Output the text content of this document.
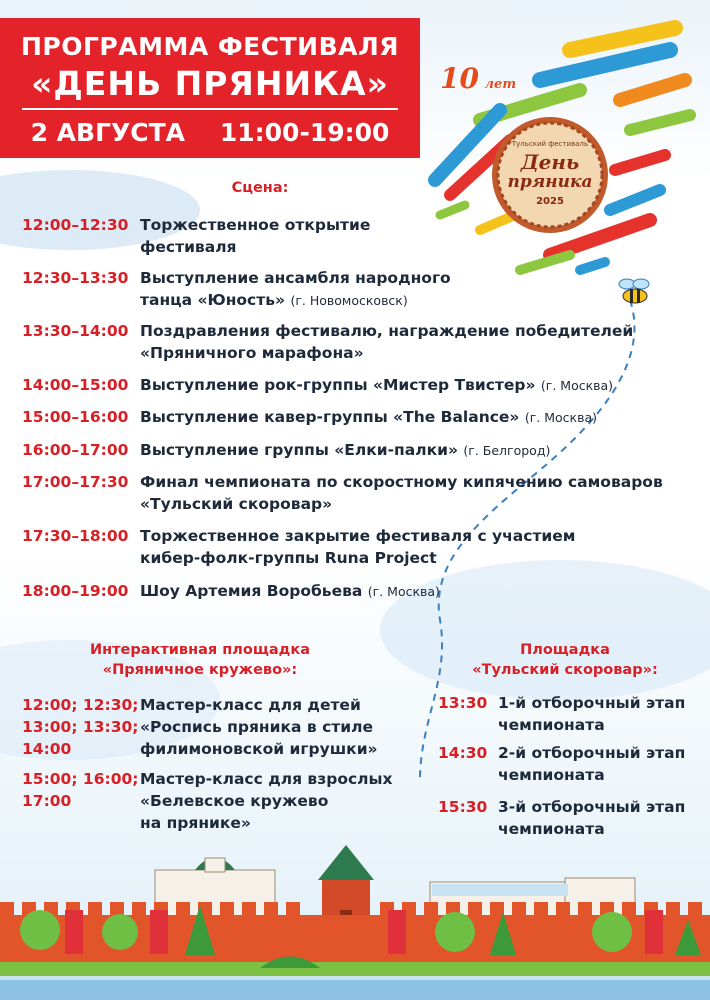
ПРОГРАММА ФЕСТИВАЛЯ
«ДЕНЬ ПРЯНИКА»
2 АВГУСТА 11:00-19:00
10 лет
Тульский фестиваль
День
пряника
2025
Сцена:
12:00–12:30 Торжественное открытие
фестиваля
12:30–13:30 Выступление ансамбля народного
танца «Юность» (г. Новомосковск)
13:30–14:00 Поздравления фестивалю, награждение победителей
«Пряничного марафона»
14:00–15:00 Выступление рок-группы «Мистер Твистер» (г. Москва)
15:00–16:00 Выступление кавер-группы «The Balance» (г. Москва)
16:00–17:00 Выступление группы «Елки-палки» (г. Белгород)
17:00–17:30 Финал чемпионата по скоростному кипячению самоваров
«Тульский скоровар»
17:30–18:00 Торжественное закрытие фестиваля с участием
кибер-фолк-группы Runa Project
18:00–19:00 Шоу Артемия Воробьева (г. Москва)
Интерактивная площадка
«Пряничное кружево»:
12:00; 12:30;
13:00; 13:30;
14:00
Мастер-класс для детей
«Роспись пряника в стиле
филимоновской игрушки»
15:00; 16:00;
17:00
Мастер-класс для взрослых
«Белевское кружево
на прянике»
Площадка
«Тульский скоровар»:
13:30 1-й отборочный этап
чемпионата
14:30 2-й отборочный этап
чемпионата
15:30 3-й отборочный этап
чемпионата
